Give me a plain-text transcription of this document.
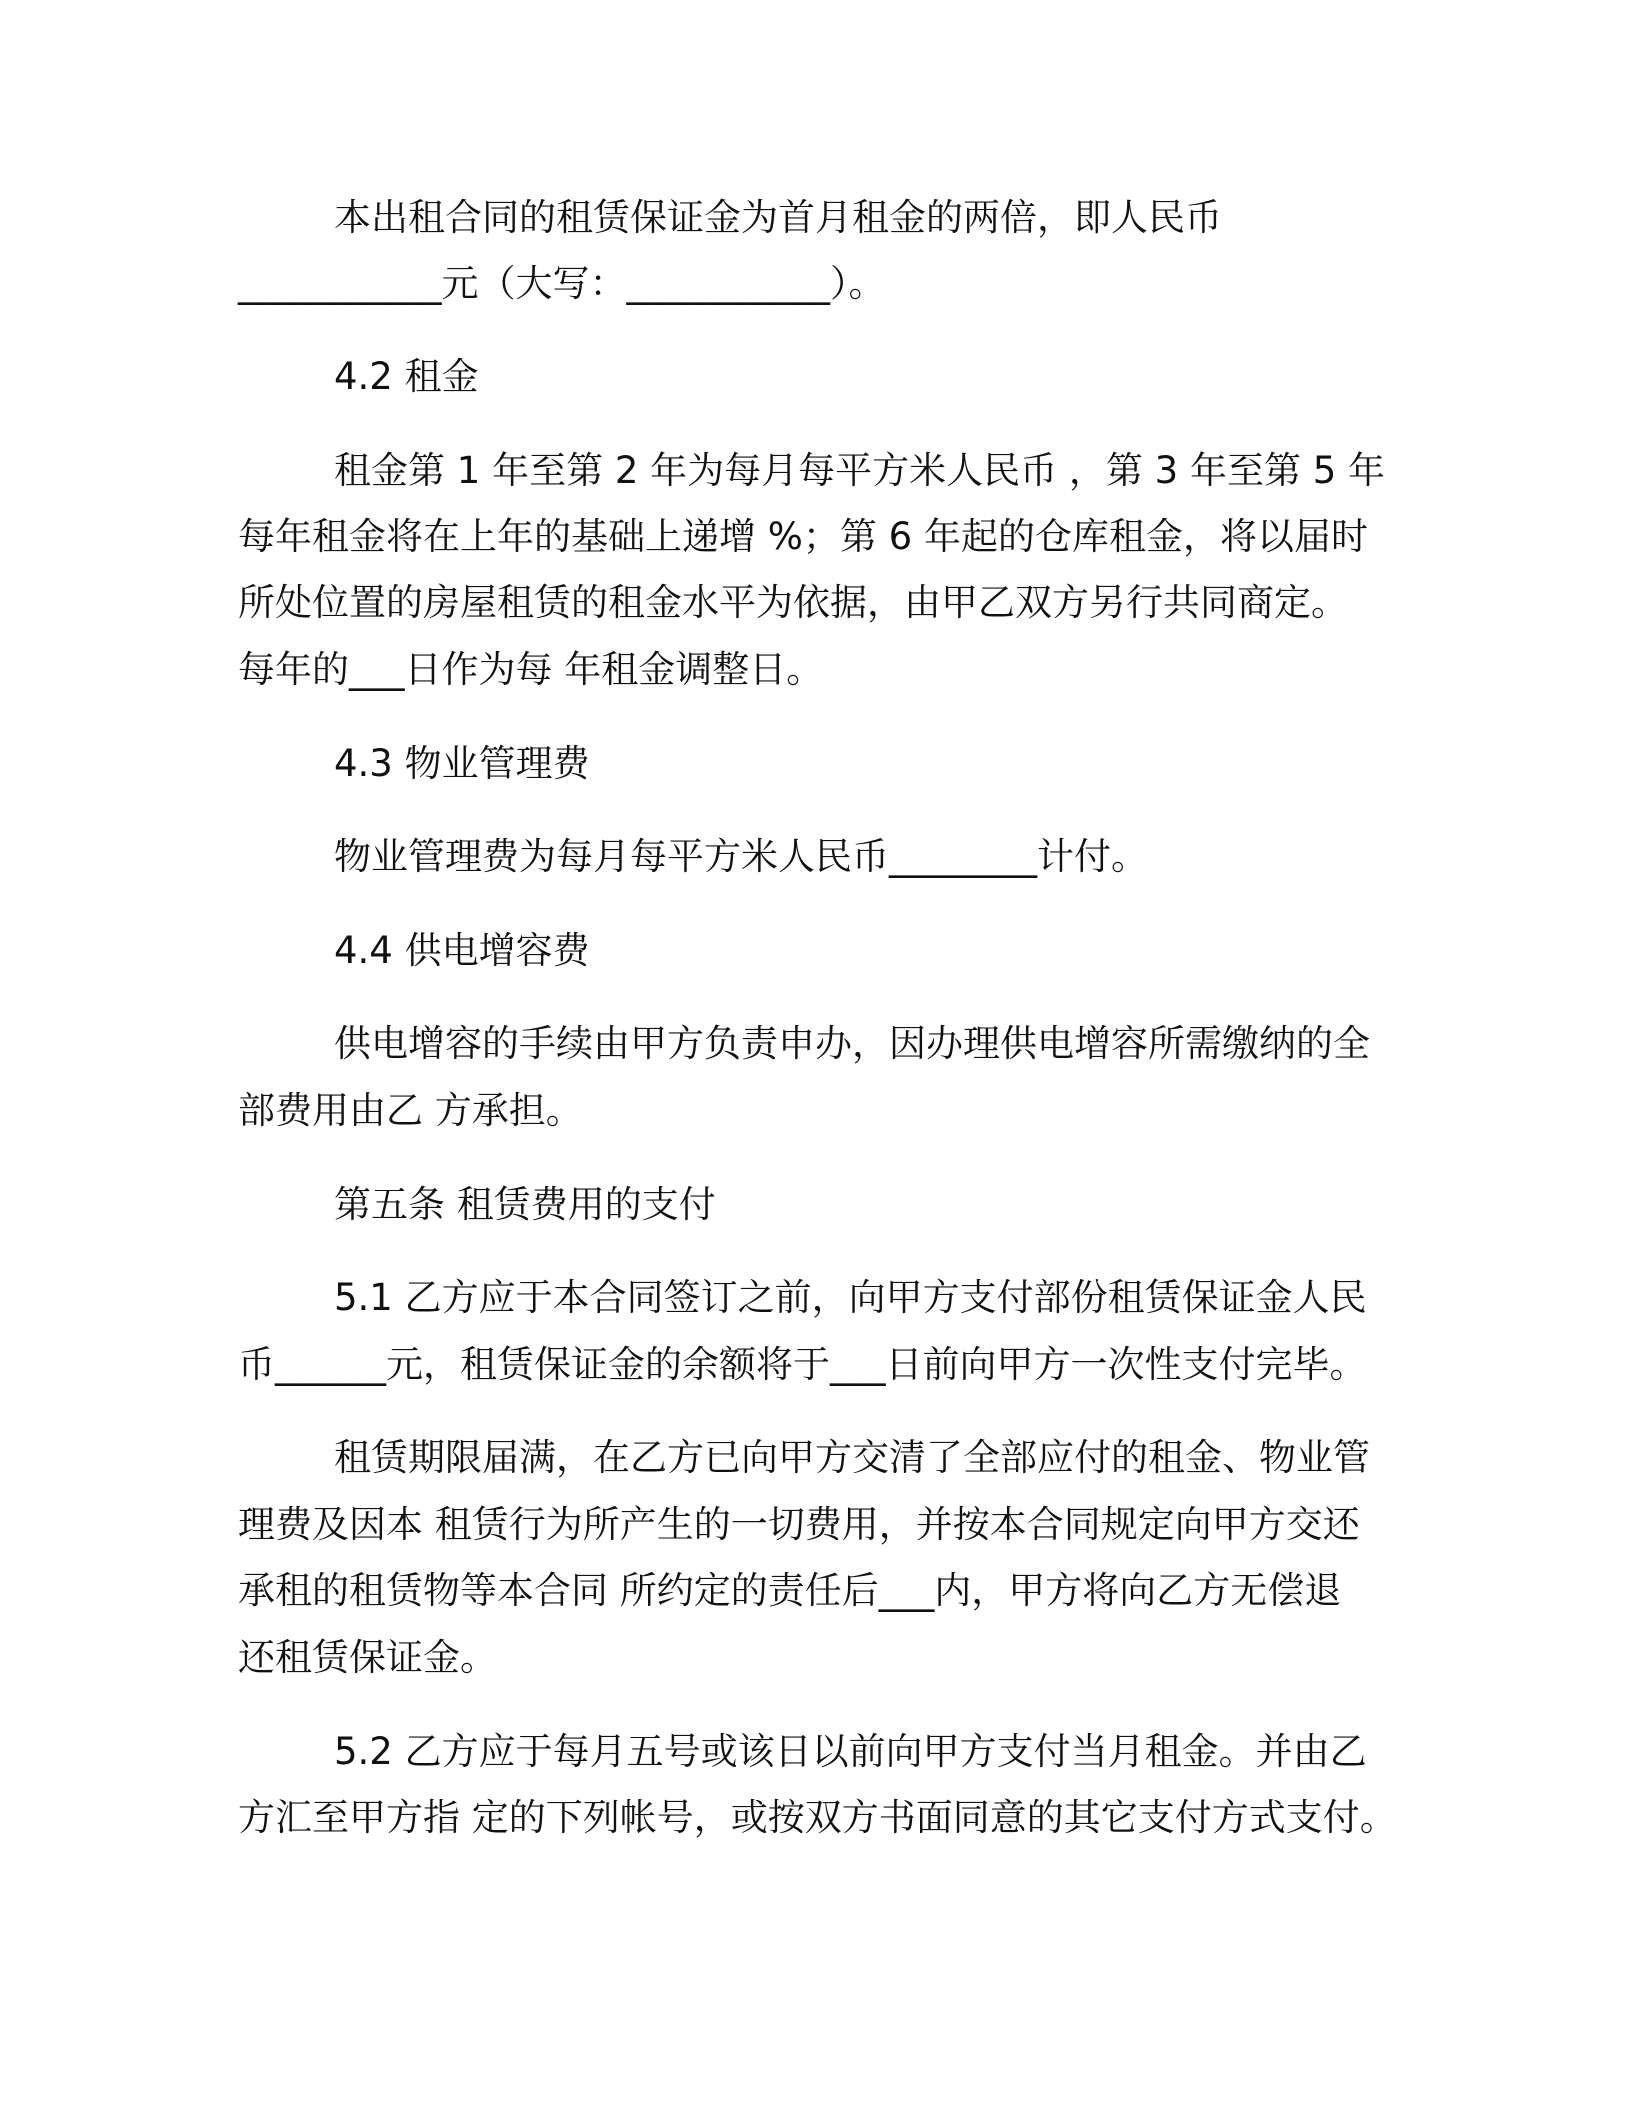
本出租合同的租赁保证金为首月租金的两倍，即人民币
___________元（大写：___________）。
4.2 租金
租金第 1 年至第 2 年为每月每平方米人民币 ，第 3 年至第 5 年
每年租金将在上年的基础上递增 %；第 6 年起的仓库租金，将以届时
所处位置的房屋租赁的租金水平为依据，由甲乙双方另行共同商定。
每年的___日作为每 年租金调整日。
4.3 物业管理费
物业管理费为每月每平方米人民币________计付。
4.4 供电增容费
供电增容的手续由甲方负责申办，因办理供电增容所需缴纳的全
部费用由乙 方承担。
第五条 租赁费用的支付
5.1 乙方应于本合同签订之前，向甲方支付部份租赁保证金人民
币______元，租赁保证金的余额将于___日前向甲方一次性支付完毕。
租赁期限届满，在乙方已向甲方交清了全部应付的租金、物业管
理费及因本 租赁行为所产生的一切费用，并按本合同规定向甲方交还
承租的租赁物等本合同 所约定的责任后___内，甲方将向乙方无偿退
还租赁保证金。
5.2 乙方应于每月五号或该日以前向甲方支付当月租金。并由乙
方汇至甲方指 定的下列帐号，或按双方书面同意的其它支付方式支付。
